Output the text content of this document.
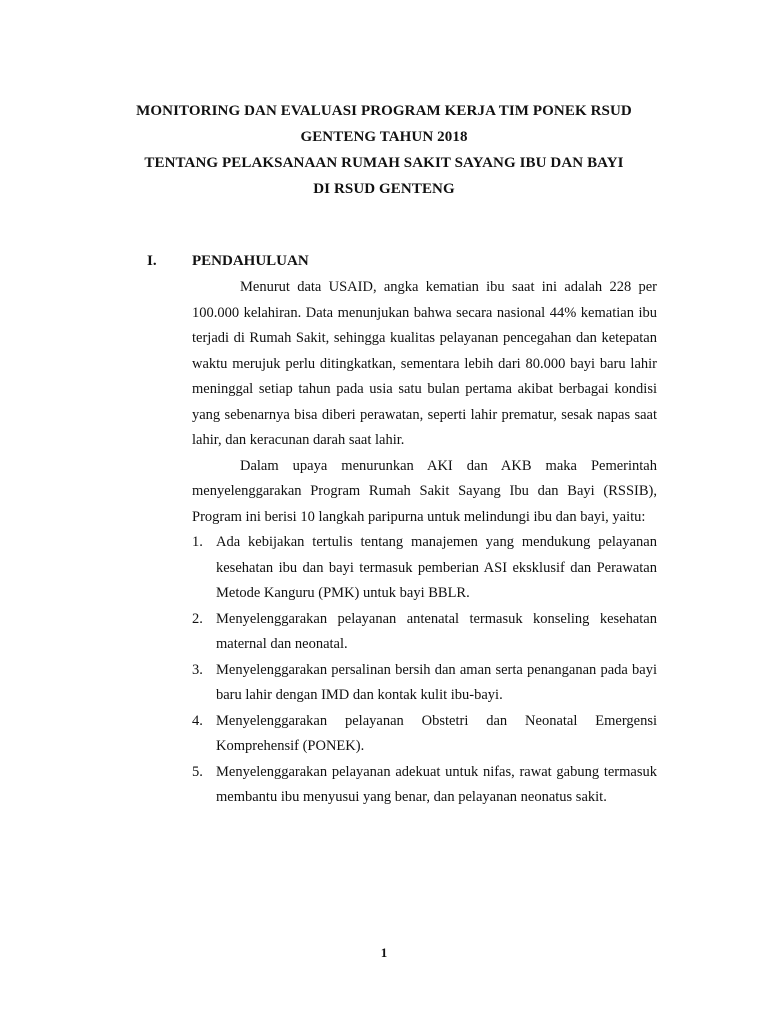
MONITORING DAN EVALUASI PROGRAM KERJA TIM PONEK RSUD
GENTENG TAHUN 2018
TENTANG PELAKSANAAN RUMAH SAKIT SAYANG IBU DAN BAYI
DI RSUD GENTENG
I. PENDAHULUAN

Menurut data USAID, angka kematian ibu saat ini adalah 228 per 100.000 kelahiran. Data menunjukan bahwa secara nasional 44% kematian ibu terjadi di Rumah Sakit, sehingga kualitas pelayanan pencegahan dan ketepatan waktu merujuk perlu ditingkatkan, sementara lebih dari 80.000 bayi baru lahir meninggal setiap tahun pada usia satu bulan pertama akibat berbagai kondisi yang sebenarnya bisa diberi perawatan, seperti lahir prematur, sesak napas saat lahir, dan keracunan darah saat lahir.

Dalam upaya menurunkan AKI dan AKB maka Pemerintah menyelenggarakan Program Rumah Sakit Sayang Ibu dan Bayi (RSSIB), Program ini berisi 10 langkah paripurna untuk melindungi ibu dan bayi, yaitu:

1. Ada kebijakan tertulis tentang manajemen yang mendukung pelayanan kesehatan ibu dan bayi termasuk pemberian ASI eksklusif dan Perawatan Metode Kanguru (PMK) untuk bayi BBLR.
2. Menyelenggarakan pelayanan antenatal termasuk konseling kesehatan maternal dan neonatal.
3. Menyelenggarakan persalinan bersih dan aman serta penanganan pada bayi baru lahir dengan IMD dan kontak kulit ibu-bayi.
4. Menyelenggarakan pelayanan Obstetri dan Neonatal Emergensi Komprehensif (PONEK).
5. Menyelenggarakan pelayanan adekuat untuk nifas, rawat gabung termasuk membantu ibu menyusui yang benar, dan pelayanan neonatus sakit.
1
